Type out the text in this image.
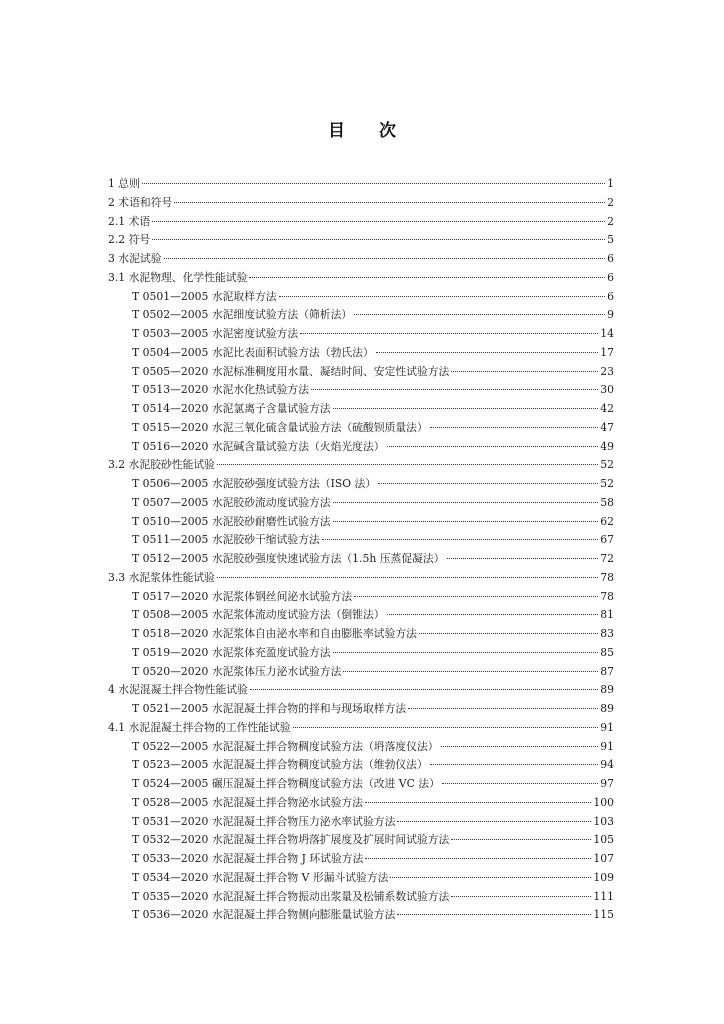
目 次
1 总则	1
2 术语和符号	2
2.1 术语	2
2.2 符号	5
3 水泥试验	6
3.1 水泥物理、化学性能试验	6
T 0501—2005 水泥取样方法	6
T 0502—2005 水泥细度试验方法（筛析法）	9
T 0503—2005 水泥密度试验方法	14
T 0504—2005 水泥比表面积试验方法（勃氏法）	17
T 0505—2020 水泥标准稠度用水量、凝结时间、安定性试验方法	23
T 0513—2020 水泥水化热试验方法	30
T 0514—2020 水泥氯离子含量试验方法	42
T 0515—2020 水泥三氧化硫含量试验方法（硫酸钡质量法）	47
T 0516—2020 水泥碱含量试验方法（火焰光度法）	49
3.2 水泥胶砂性能试验	52
T 0506—2005 水泥胶砂强度试验方法（ISO 法）	52
T 0507—2005 水泥胶砂流动度试验方法	58
T 0510—2005 水泥胶砂耐磨性试验方法	62
T 0511—2005 水泥胶砂干缩试验方法	67
T 0512—2005 水泥胶砂强度快速试验方法（1.5h 压蒸促凝法）	72
3.3 水泥浆体性能试验	78
T 0517—2020 水泥浆体钢丝间泌水试验方法	78
T 0508—2005 水泥浆体流动度试验方法（倒锥法）	81
T 0518—2020 水泥浆体自由泌水率和自由膨胀率试验方法	83
T 0519—2020 水泥浆体充盈度试验方法	85
T 0520—2020 水泥浆体压力泌水试验方法	87
4 水泥混凝土拌合物性能试验	89
T 0521—2005 水泥混凝土拌合物的拌和与现场取样方法	89
4.1 水泥混凝土拌合物的工作性能试验	91
T 0522—2005 水泥混凝土拌合物稠度试验方法（坍落度仪法）	91
T 0523—2005 水泥混凝土拌合物稠度试验方法（维勃仪法）	94
T 0524—2005 碾压混凝土拌合物稠度试验方法（改进 VC 法）	97
T 0528—2005 水泥混凝土拌合物泌水试验方法	100
T 0531—2020 水泥混凝土拌合物压力泌水率试验方法	103
T 0532—2020 水泥混凝土拌合物坍落扩展度及扩展时间试验方法	105
T 0533—2020 水泥混凝土拌合物 J 环试验方法	107
T 0534—2020 水泥混凝土拌合物 V 形漏斗试验方法	109
T 0535—2020 水泥混凝土拌合物振动出浆量及松铺系数试验方法	111
T 0536—2020 水泥混凝土拌合物侧向膨胀量试验方法	115
